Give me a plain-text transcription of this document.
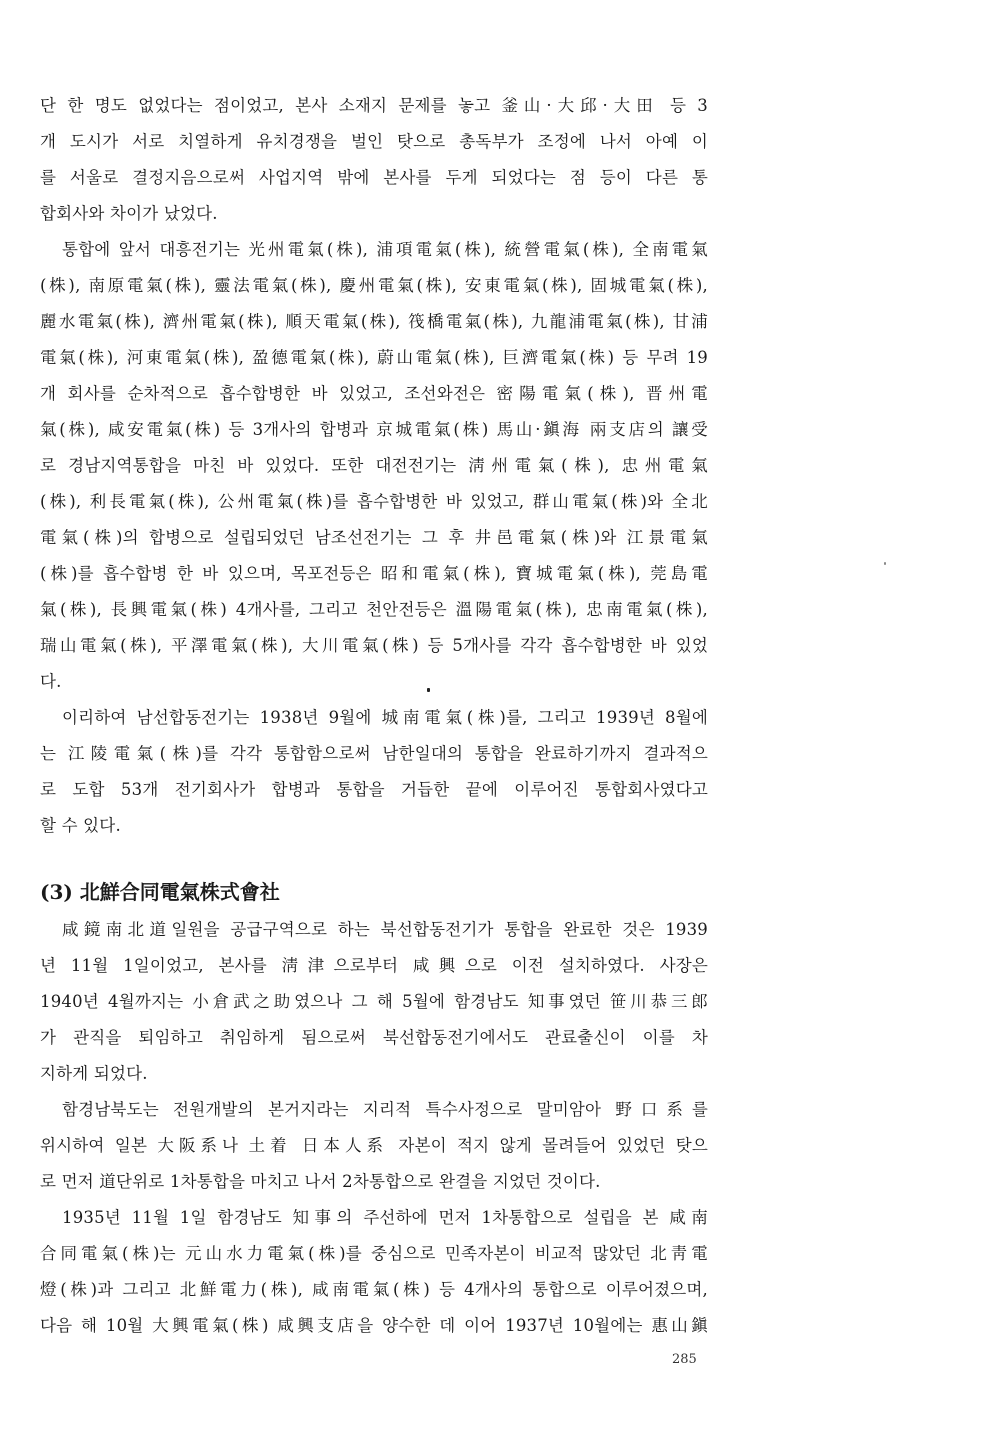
단 한 명도 없었다는 점이었고, 본사 소재지 문제를 놓고 釜山·大邱·大田 등 3
개 도시가 서로 치열하게 유치경쟁을 벌인 탓으로 총독부가 조정에 나서 아예 이
를 서울로 결정지음으로써 사업지역 밖에 본사를 두게 되었다는 점 등이 다른 통
합회사와 차이가 났었다.
통합에 앞서 대흥전기는 光州電氣(株), 浦項電氣(株), 統營電氣(株), 全南電氣
(株), 南原電氣(株), 靈法電氣(株), 慶州電氣(株), 安東電氣(株), 固城電氣(株),
麗水電氣(株), 濟州電氣(株), 順天電氣(株), 筏橋電氣(株), 九龍浦電氣(株), 甘浦
電氣(株), 河東電氣(株), 盈德電氣(株), 蔚山電氣(株), 巨濟電氣(株) 등 무려 19
개 회사를 순차적으로 흡수합병한 바 있었고, 조선와전은 密陽電氣(株), 晋州電
氣(株), 咸安電氣(株) 등 3개사의 합병과 京城電氣(株) 馬山·鎭海 兩支店의 讓受
로 경남지역통합을 마친 바 있었다. 또한 대전전기는 淸州電氣(株), 忠州電氣
(株), 利長電氣(株), 公州電氣(株)를 흡수합병한 바 있었고, 群山電氣(株)와 全北
電氣(株)의 합병으로 설립되었던 남조선전기는 그 후 井邑電氣(株)와 江景電氣
(株)를 흡수합병 한 바 있으며, 목포전등은 昭和電氣(株), 寶城電氣(株), 莞島電
氣(株), 長興電氣(株) 4개사를, 그리고 천안전등은 溫陽電氣(株), 忠南電氣(株),
瑞山電氣(株), 平澤電氣(株), 大川電氣(株) 등 5개사를 각각 흡수합병한 바 있었
다.
이리하여 남선합동전기는 1938년 9월에 城南電氣(株)를, 그리고 1939년 8월에
는 江陵電氣(株)를 각각 통합함으로써 남한일대의 통합을 완료하기까지 결과적으
로 도합 53개 전기회사가 합병과 통합을 거듭한 끝에 이루어진 통합회사였다고
할 수 있다.
(3) 北鮮合同電氣株式會社
咸鏡南北道일원을 공급구역으로 하는 북선합동전기가 통합을 완료한 것은 1939
년 11월 1일이었고, 본사를 淸津으로부터 咸興으로 이전 설치하였다. 사장은
1940년 4월까지는 小倉武之助였으나 그 해 5월에 함경남도 知事였던 笹川恭三郎
가 관직을 퇴임하고 취임하게 됨으로써 북선합동전기에서도 관료출신이 이를 차
지하게 되었다.
함경남북도는 전원개발의 본거지라는 지리적 특수사정으로 말미암아 野口系를
위시하여 일본 大阪系나 土着 日本人系 자본이 적지 않게 몰려들어 있었던 탓으
로 먼저 道단위로 1차통합을 마치고 나서 2차통합으로 완결을 지었던 것이다.
1935년 11월 1일 함경남도 知事의 주선하에 먼저 1차통합으로 설립을 본 咸南
合同電氣(株)는 元山水力電氣(株)를 중심으로 민족자본이 비교적 많았던 北靑電
燈(株)과 그리고 北鮮電力(株), 咸南電氣(株) 등 4개사의 통합으로 이루어졌으며,
다음 해 10월 大興電氣(株) 咸興支店을 양수한 데 이어 1937년 10월에는 惠山鎭
285
